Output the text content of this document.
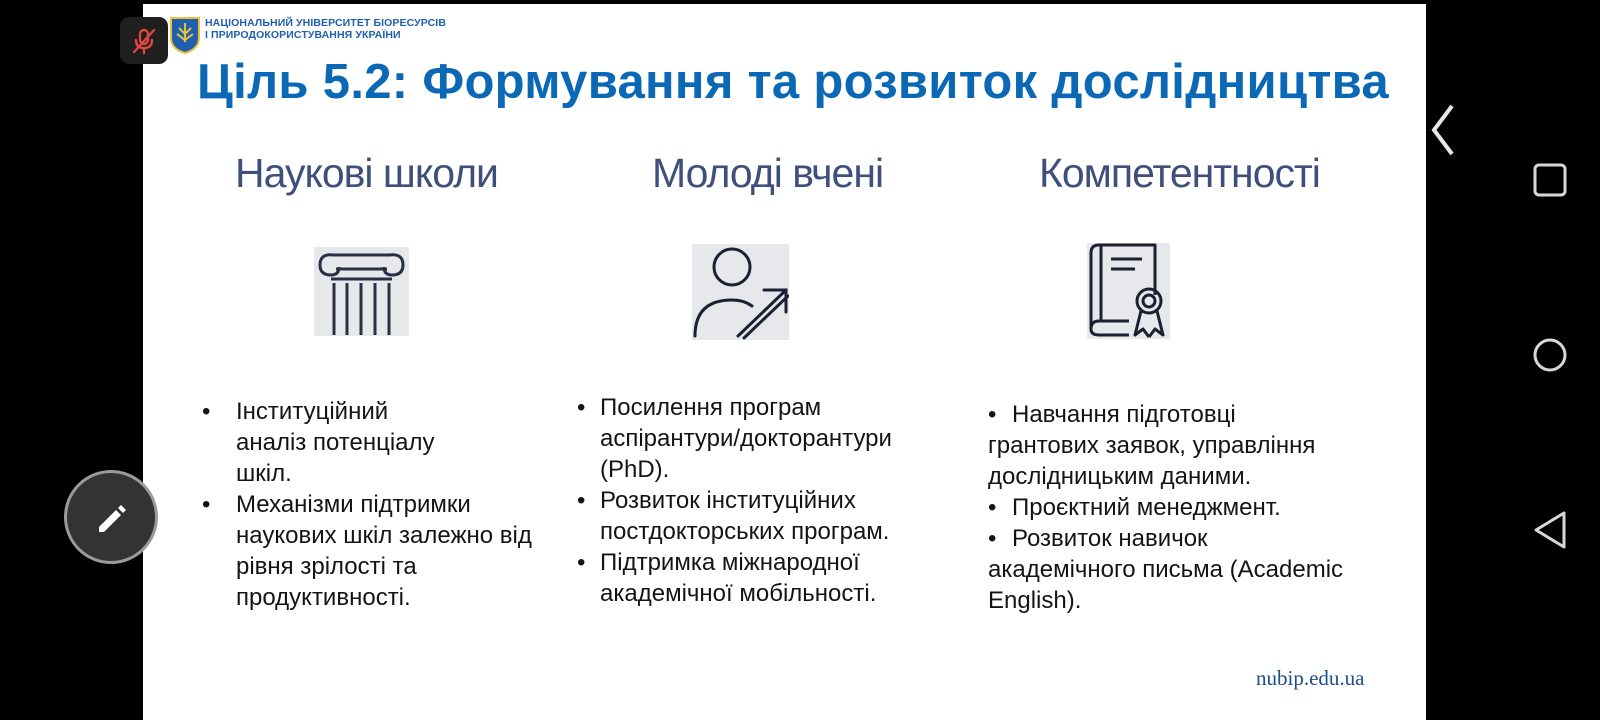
Ціль 5.2: Формування та розвиток дослідництва
Наукові школи
• Інституційний аналіз потенціалу шкіл.
• Механізми підтримки наукових шкіл залежно від рівня зрілості та продуктивності.
Молоді вчені
• Посилення програм аспірантури/докторантури (PhD).
• Розвиток інституційних постдокторських програм.
• Підтримка міжнародної академічної мобільності.
Компетентності
• Навчання підготовці грантових заявок, управління дослідницьким даними.
• Проєктний менеджмент.
• Розвиток навичок академічного письма (Academic English).
nubip.edu.ua
НАЦІОНАЛЬНИЙ УНІВЕРСИТЕТ БІОРЕСУРСІВ
І ПРИРОДОКОРИСТУВАННЯ УКРАЇНИ
